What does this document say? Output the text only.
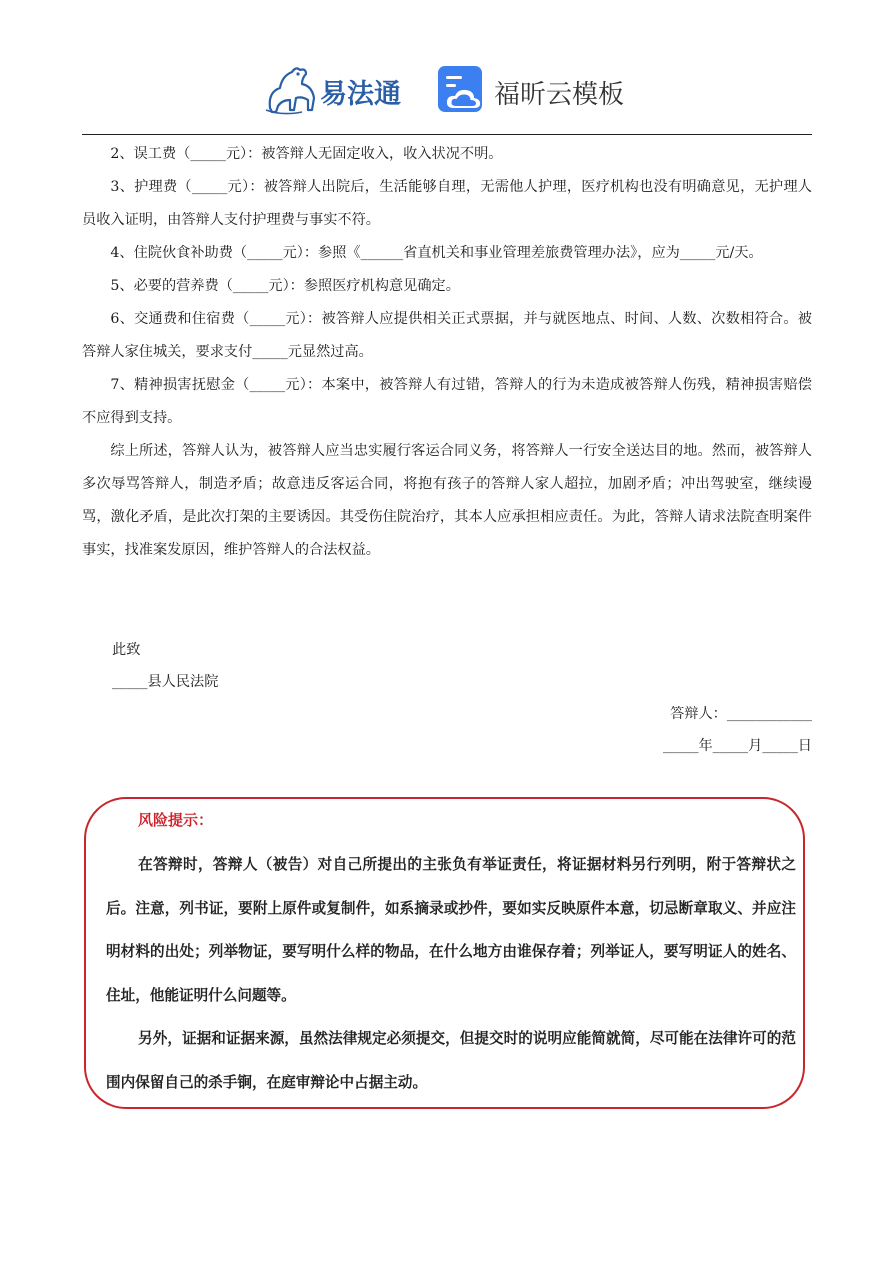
易法通	福昕云模板

2、误工费（_____元）：被答辩人无固定收入，收入状况不明。

3、护理费（_____元）：被答辩人出院后，生活能够自理，无需他人护理，医疗机构也没有明确意见，无护理人员收入证明，由答辩人支付护理费与事实不符。

4、住院伙食补助费（_____元）：参照《______省直机关和事业管理差旅费管理办法》，应为_____元/天。

5、必要的营养费（_____元）：参照医疗机构意见确定。

6、交通费和住宿费（_____元）：被答辩人应提供相关正式票据，并与就医地点、时间、人数、次数相符合。被答辩人家住城关，要求支付_____元显然过高。

7、精神损害抚慰金（_____元）：本案中，被答辩人有过错，答辩人的行为未造成被答辩人伤残，精神损害赔偿不应得到支持。

综上所述，答辩人认为，被答辩人应当忠实履行客运合同义务，将答辩人一行安全送达目的地。然而，被答辩人多次辱骂答辩人，制造矛盾；故意违反客运合同，将抱有孩子的答辩人家人超拉，加剧矛盾；冲出驾驶室，继续谩骂，激化矛盾，是此次打架的主要诱因。其受伤住院治疗，其本人应承担相应责任。为此，答辩人请求法院查明案件事实，找准案发原因，维护答辩人的合法权益。

此致
_____县人民法院
答辩人：____________
_____年_____月_____日
风险提示：

在答辩时，答辩人（被告）对自己所提出的主张负有举证责任，将证据材料另行列明，附于答辩状之后。注意，列书证，要附上原件或复制件，如系摘录或抄件，要如实反映原件本意，切忌断章取义、并应注明材料的出处；列举物证，要写明什么样的物品，在什么地方由谁保存着；列举证人，要写明证人的姓名、住址，他能证明什么问题等。

另外，证据和证据来源，虽然法律规定必须提交，但提交时的说明应能简就简，尽可能在法律许可的范围内保留自己的杀手锏，在庭审辩论中占据主动。
